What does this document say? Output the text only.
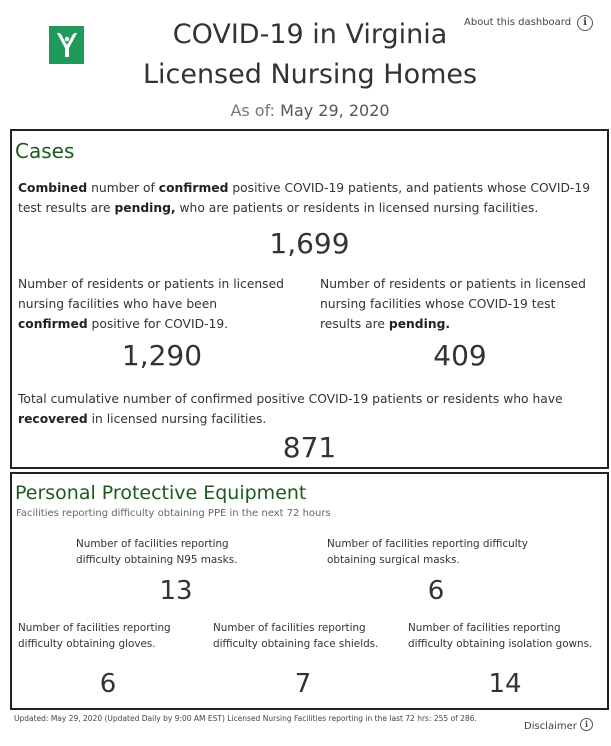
COVID-19 in Virginia
Licensed Nursing Homes
As of: May 29, 2020
About this dashboard	i
Cases
Combined number of confirmed positive COVID-19 patients, and patients whose COVID-19 test results are pending, who are patients or residents in licensed nursing facilities.
1,699
Number of residents or patients in licensed nursing facilities who have been confirmed positive for COVID-19.
1,290
Number of residents or patients in licensed nursing facilities whose COVID-19 test results are pending.
409
Total cumulative number of confirmed positive COVID-19 patients or residents who have recovered in licensed nursing facilities.
871
Personal Protective Equipment
Facilities reporting difficulty obtaining PPE in the next 72 hours
Number of facilities reporting difficulty obtaining N95 masks.
13
Number of facilities reporting difficulty obtaining surgical masks.
6
Number of facilities reporting difficulty obtaining gloves.
6
Number of facilities reporting difficulty obtaining face shields.
7
Number of facilities reporting difficulty obtaining isolation gowns.
14
Updated: May 29, 2020 (Updated Daily by 9:00 AM EST) Licensed Nursing Facilities reporting in the last 72 hrs: 255 of 286.
Disclaimer	i
